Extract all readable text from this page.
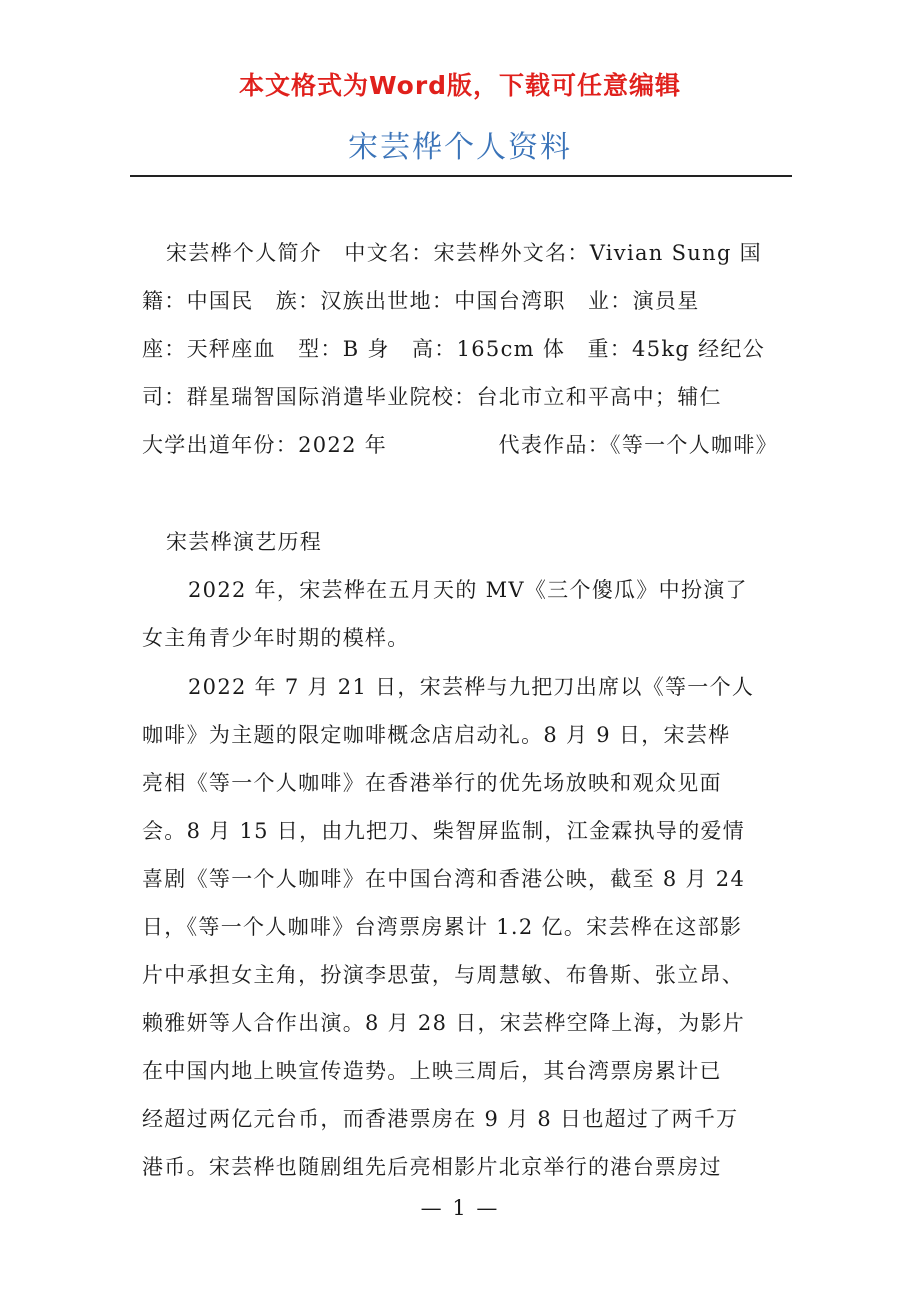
本文格式为Word版，下载可任意编辑
宋芸桦个人资料
宋芸桦个人简介　中文名：宋芸桦外文名：Vivian Sung 国
籍：中国民　族：汉族出世地：中国台湾职　业：演员星
座：天秤座血　型：B 身　高：165cm 体　重：45kg 经纪公
司：群星瑞智国际消遣毕业院校：台北市立和平高中；辅仁
大学出道年份：2022 年　　　　　代表作品：《等一个人咖啡》
宋芸桦演艺历程
2022 年，宋芸桦在五月天的 MV《三个傻瓜》中扮演了
女主角青少年时期的模样。
2022 年 7 月 21 日，宋芸桦与九把刀出席以《等一个人
咖啡》为主题的限定咖啡概念店启动礼。8 月 9 日，宋芸桦
亮相《等一个人咖啡》在香港举行的优先场放映和观众见面
会。8 月 15 日，由九把刀、柴智屏监制，江金霖执导的爱情
喜剧《等一个人咖啡》在中国台湾和香港公映，截至 8 月 24
日，《等一个人咖啡》台湾票房累计 1.2 亿。宋芸桦在这部影
片中承担女主角，扮演李思萤，与周慧敏、布鲁斯、张立昂、
赖雅妍等人合作出演。8 月 28 日，宋芸桦空降上海，为影片
在中国内地上映宣传造势。上映三周后，其台湾票房累计已
经超过两亿元台币，而香港票房在 9 月 8 日也超过了两千万
港币。宋芸桦也随剧组先后亮相影片北京举行的港台票房过
— 1 —
